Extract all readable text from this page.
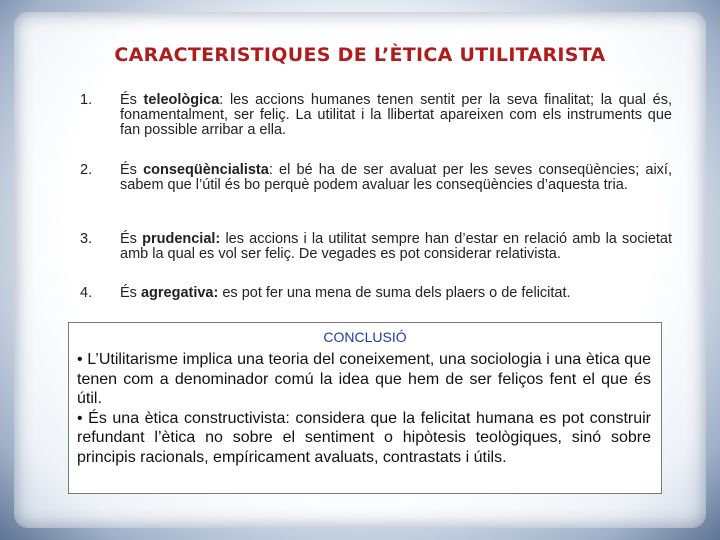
CARACTERISTIQUES DE L’ÈTICA UTILITARISTA
1.	És teleològica: les accions humanes tenen sentit per la seva finalitat; la qual és, fonamentalment, ser feliç. La utilitat i la llibertat apareixen com els instruments que fan possible arribar a ella.
2.	És conseqüèncialista: el bé ha de ser avaluat per les seves conseqüències; així, sabem que l’útil és bo perquè podem avaluar les conseqüències d’aquesta tria.
3.	És prudencial: les accions i la utilitat sempre han d’estar en relació amb la societat amb la qual es vol ser feliç. De vegades es pot considerar relativista.
4.	És agregativa: es pot fer una mena de suma dels plaers o de felicitat.
CONCLUSIÓ

• L’Utilitarisme implica una teoria del coneixement, una sociologia i una ètica que tenen com a denominador comú la idea que hem de ser feliços fent el que és útil.

• És una ètica constructivista: considera que la felicitat humana es pot construir refundant l’ètica no sobre el sentiment o hipòtesis teològiques, sinó sobre principis racionals, empíricament avaluats, contrastats i útils.
